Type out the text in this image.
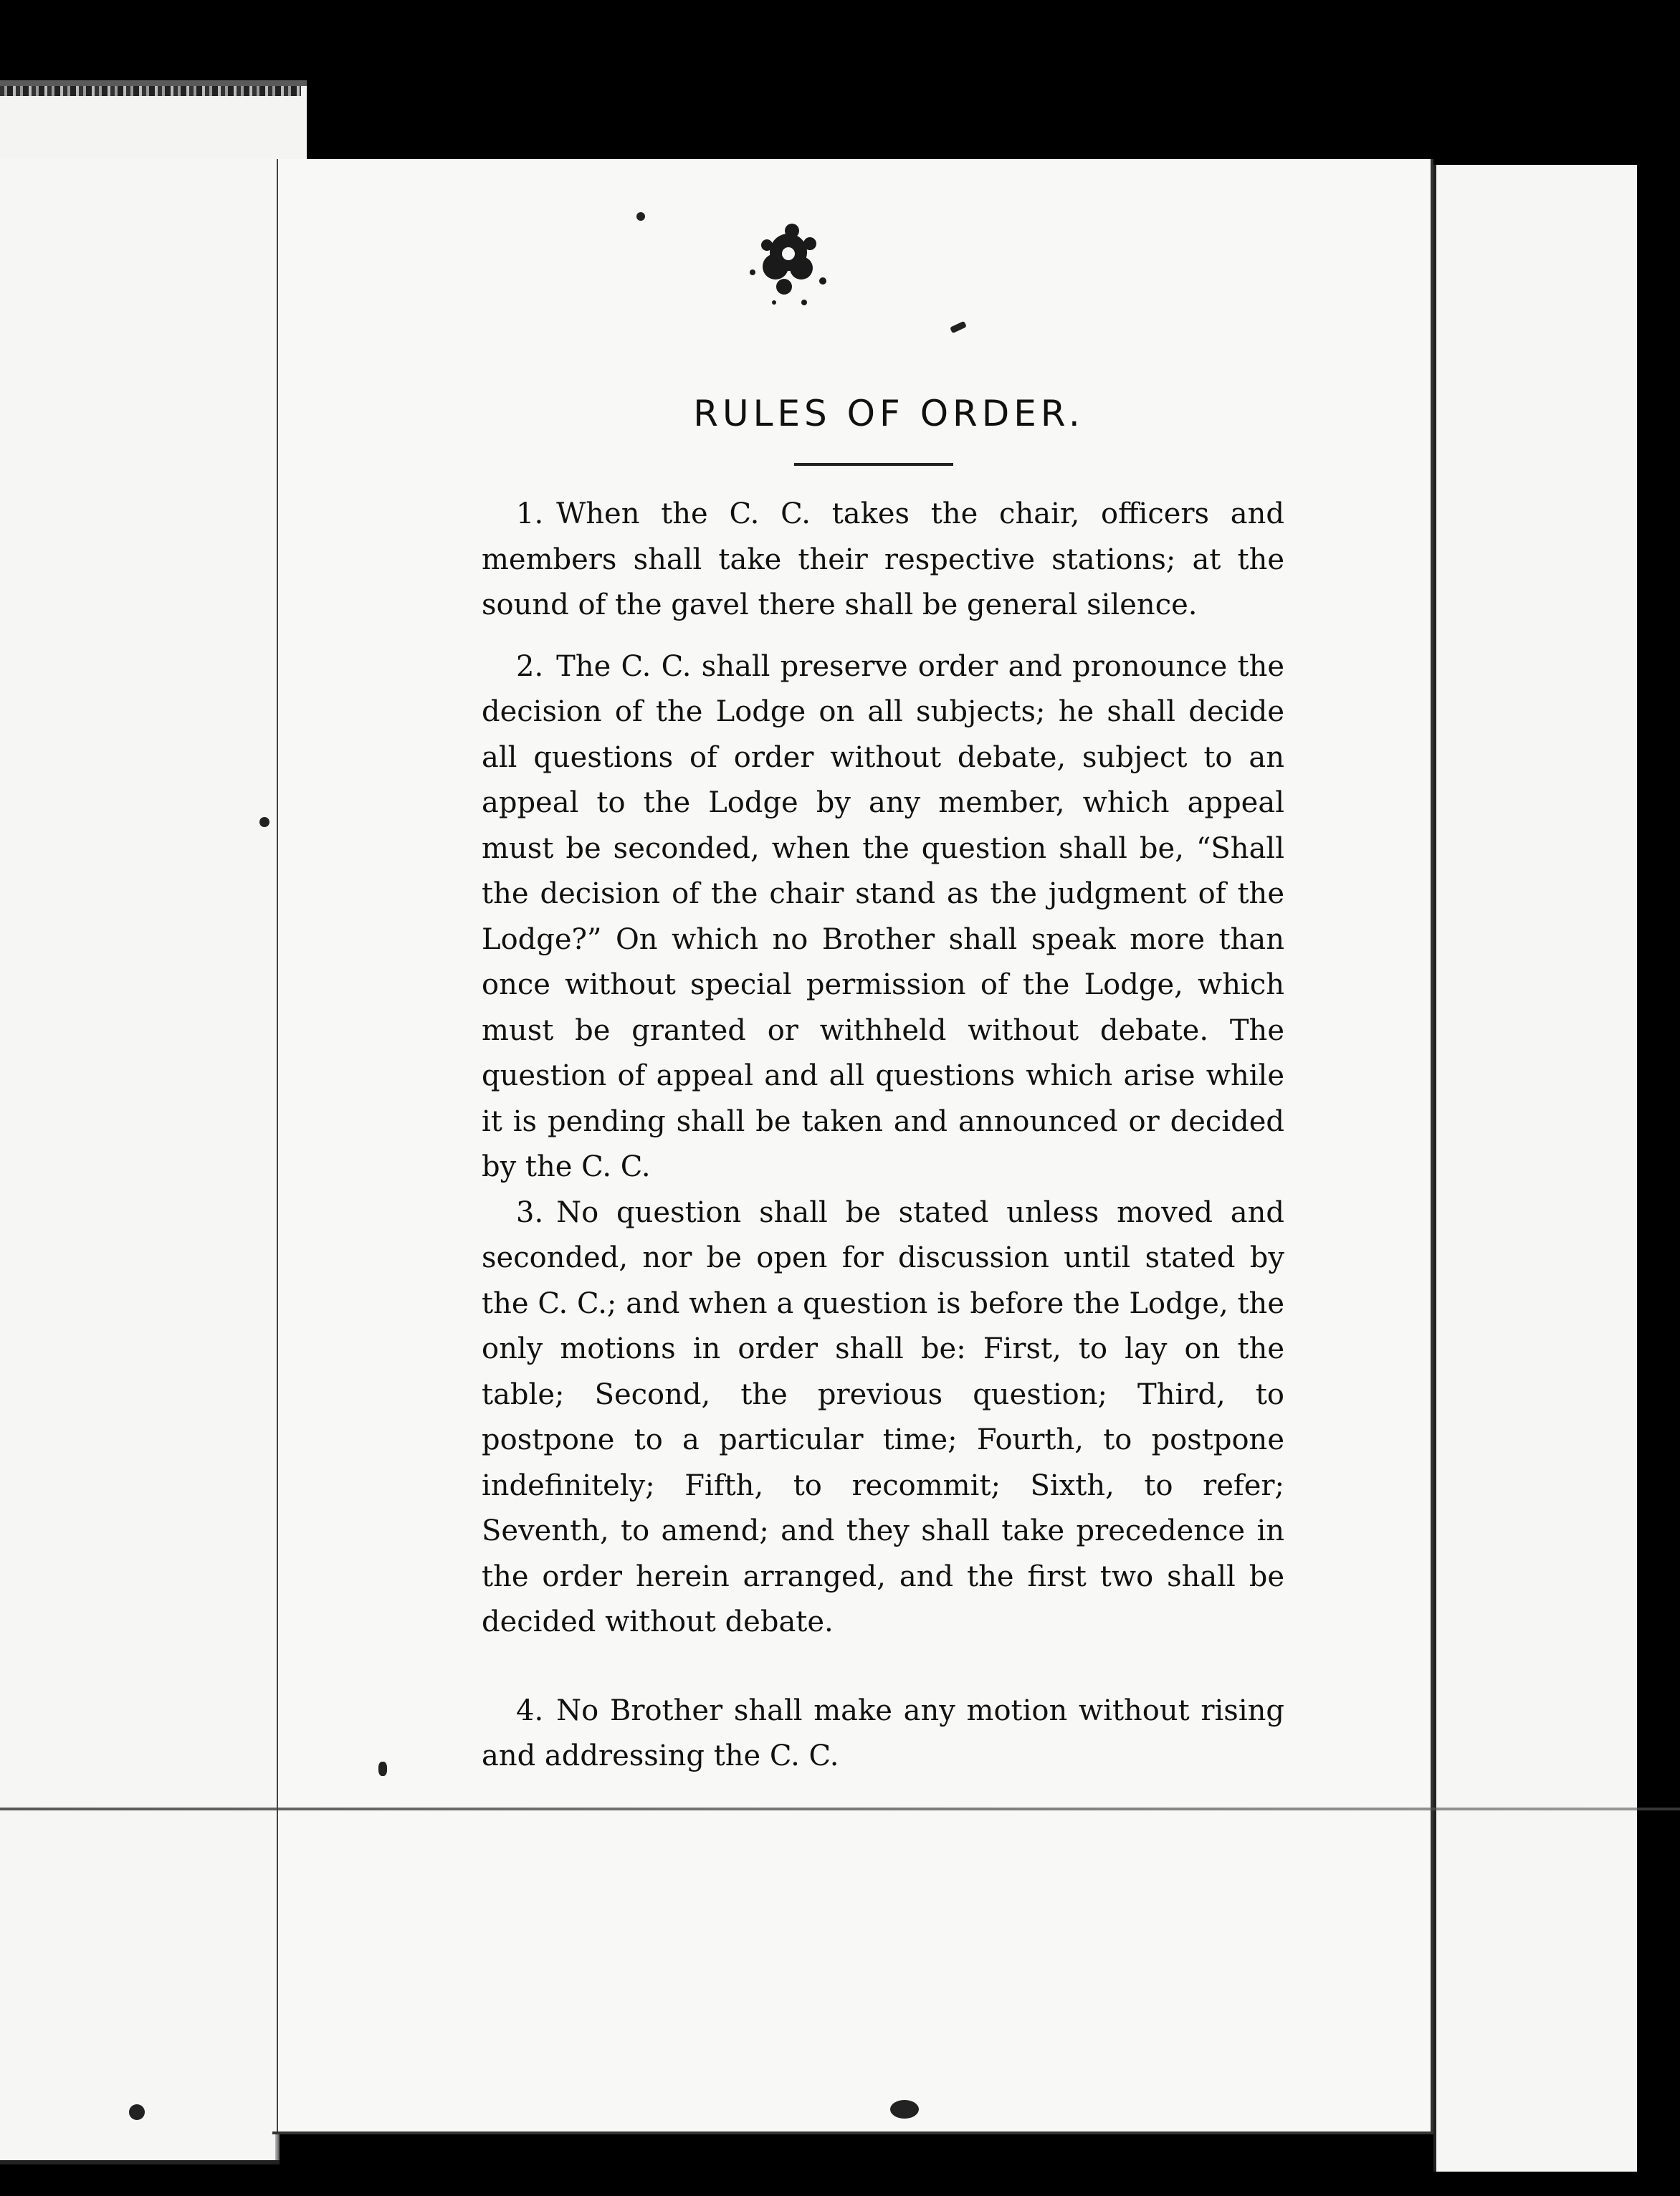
RULES OF ORDER.

1. When the C. C. takes the chair, officers and members shall take their respective stations; at the sound of the gavel there shall be general silence.

2. The C. C. shall preserve order and pronounce the decision of the Lodge on all subjects; he shall decide all questions of order without debate, subject to an appeal to the Lodge by any member, which appeal must be seconded, when the question shall be, “Shall the decision of the chair stand as the judgment of the Lodge?” On which no Brother shall speak more than once without special permission of the Lodge, which must be granted or withheld without debate. The question of appeal and all questions which arise while it is pending shall be taken and announced or decided by the C. C.

3. No question shall be stated unless moved and seconded, nor be open for discussion until stated by the C. C.; and when a question is before the Lodge, the only motions in order shall be: First, to lay on the table; Second, the previous question; Third, to postpone to a particular time; Fourth, to postpone indefinitely; Fifth, to recommit; Sixth, to refer; Seventh, to amend; and they shall take precedence in the order herein arranged, and the first two shall be decided without debate.

4. No Brother shall make any motion without rising and addressing the C. C.
